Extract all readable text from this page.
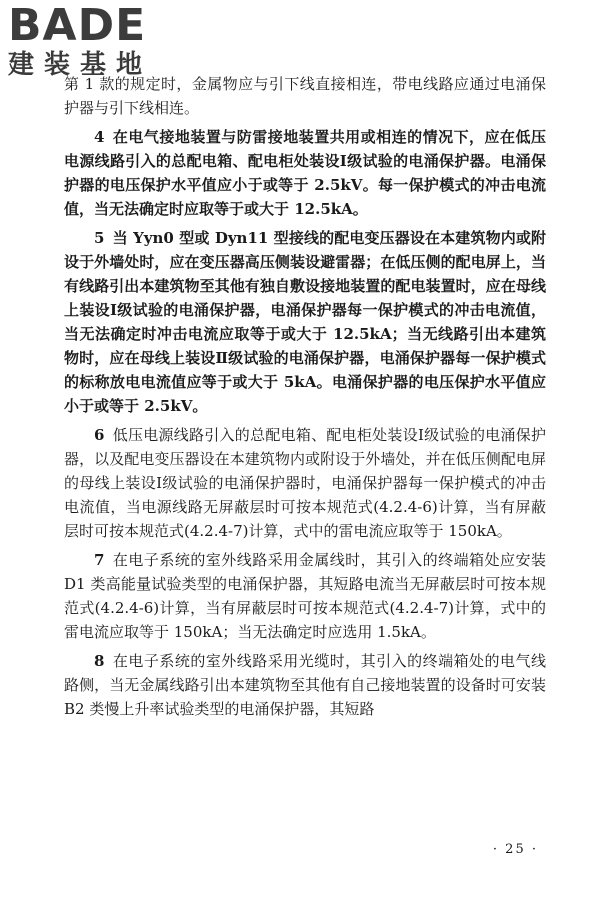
BADE
建装基地

第 1 款的规定时，金属物应与引下线直接相连，带电线路应通过电涌保护器与引下线相连。

4 在电气接地装置与防雷接地装置共用或相连的情况下，应在低压电源线路引入的总配电箱、配电柜处装设Ⅰ级试验的电涌保护器。电涌保护器的电压保护水平值应小于或等于 2.5kV。每一保护模式的冲击电流值，当无法确定时应取等于或大于 12.5kA。

5 当 Yyn0 型或 Dyn11 型接线的配电变压器设在本建筑物内或附设于外墙处时，应在变压器高压侧装设避雷器；在低压侧的配电屏上，当有线路引出本建筑物至其他有独自敷设接地装置的配电装置时，应在母线上装设Ⅰ级试验的电涌保护器，电涌保护器每一保护模式的冲击电流值，当无法确定时冲击电流应取等于或大于 12.5kA；当无线路引出本建筑物时，应在母线上装设Ⅱ级试验的电涌保护器，电涌保护器每一保护模式的标称放电电流值应等于或大于 5kA。电涌保护器的电压保护水平值应小于或等于 2.5kV。

6 低压电源线路引入的总配电箱、配电柜处装设Ⅰ级试验的电涌保护器，以及配电变压器设在本建筑物内或附设于外墙处，并在低压侧配电屏的母线上装设Ⅰ级试验的电涌保护器时，电涌保护器每一保护模式的冲击电流值，当电源线路无屏蔽层时可按本规范式(4.2.4-6)计算，当有屏蔽层时可按本规范式(4.2.4-7)计算，式中的雷电流应取等于 150kA。

7 在电子系统的室外线路采用金属线时，其引入的终端箱处应安装 D1 类高能量试验类型的电涌保护器，其短路电流当无屏蔽层时可按本规范式(4.2.4-6)计算，当有屏蔽层时可按本规范式(4.2.4-7)计算，式中的雷电流应取等于 150kA；当无法确定时应选用 1.5kA。

8 在电子系统的室外线路采用光缆时，其引入的终端箱处的电气线路侧，当无金属线路引出本建筑物至其他有自己接地装置的设备时可安装 B2 类慢上升率试验类型的电涌保护器，其短路

· 25 ·
